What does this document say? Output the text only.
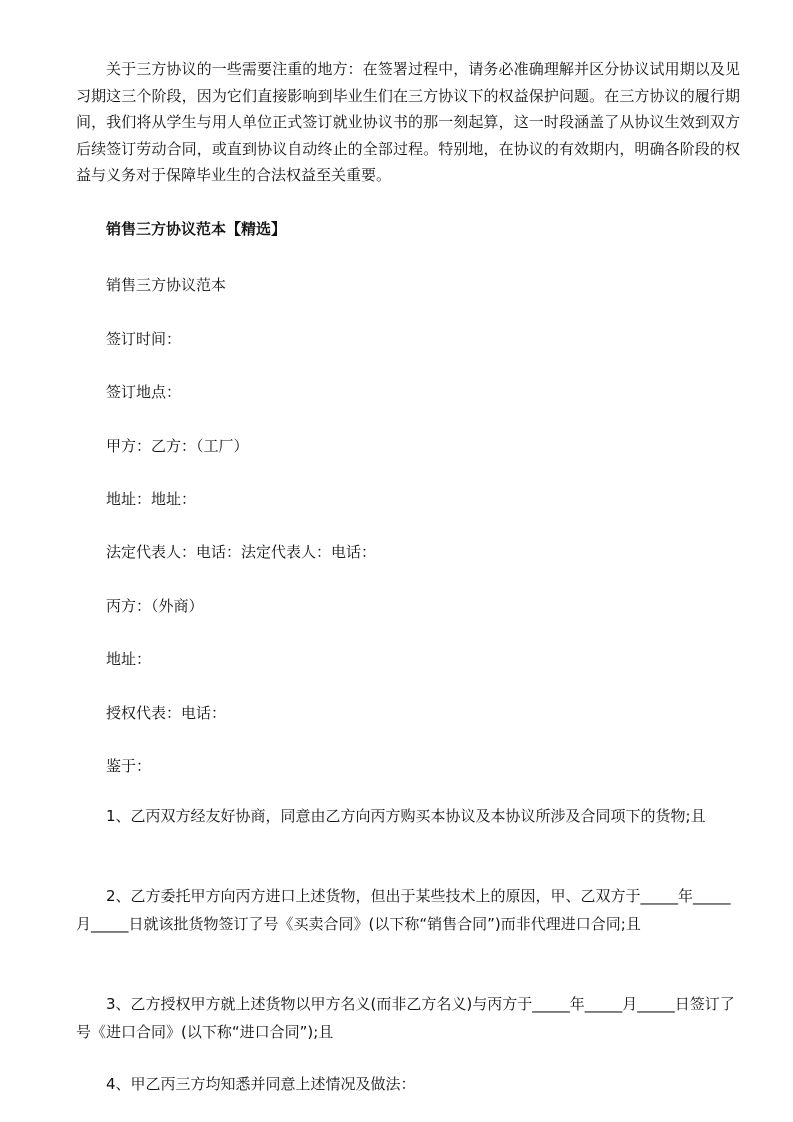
关于三方协议的一些需要注重的地方：在签署过程中，请务必准确理解并区分协议试用期以及见习期这三个阶段，因为它们直接影响到毕业生们在三方协议下的权益保护问题。在三方协议的履行期间，我们将从学生与用人单位正式签订就业协议书的那一刻起算，这一时段涵盖了从协议生效到双方后续签订劳动合同，或直到协议自动终止的全部过程。特别地，在协议的有效期内，明确各阶段的权益与义务对于保障毕业生的合法权益至关重要。

销售三方协议范本【精选】

销售三方协议范本

签订时间：

签订地点：

甲方：乙方：（工厂）

地址：地址：

法定代表人：电话：法定代表人：电话：

丙方：（外商）

地址：

授权代表：电话：

鉴于：

1、乙丙双方经友好协商，同意由乙方向丙方购买本协议及本协议所涉及合同项下的货物;且

2、乙方委托甲方向丙方进口上述货物，但出于某些技术上的原因，甲、乙双方于_____年_____月_____日就该批货物签订了号《买卖合同》(以下称“销售合同”)而非代理进口合同;且

3、乙方授权甲方就上述货物以甲方名义(而非乙方名义)与丙方于_____年_____月_____日签订了号《进口合同》(以下称“进口合同”);且

4、甲乙丙三方均知悉并同意上述情况及做法：
